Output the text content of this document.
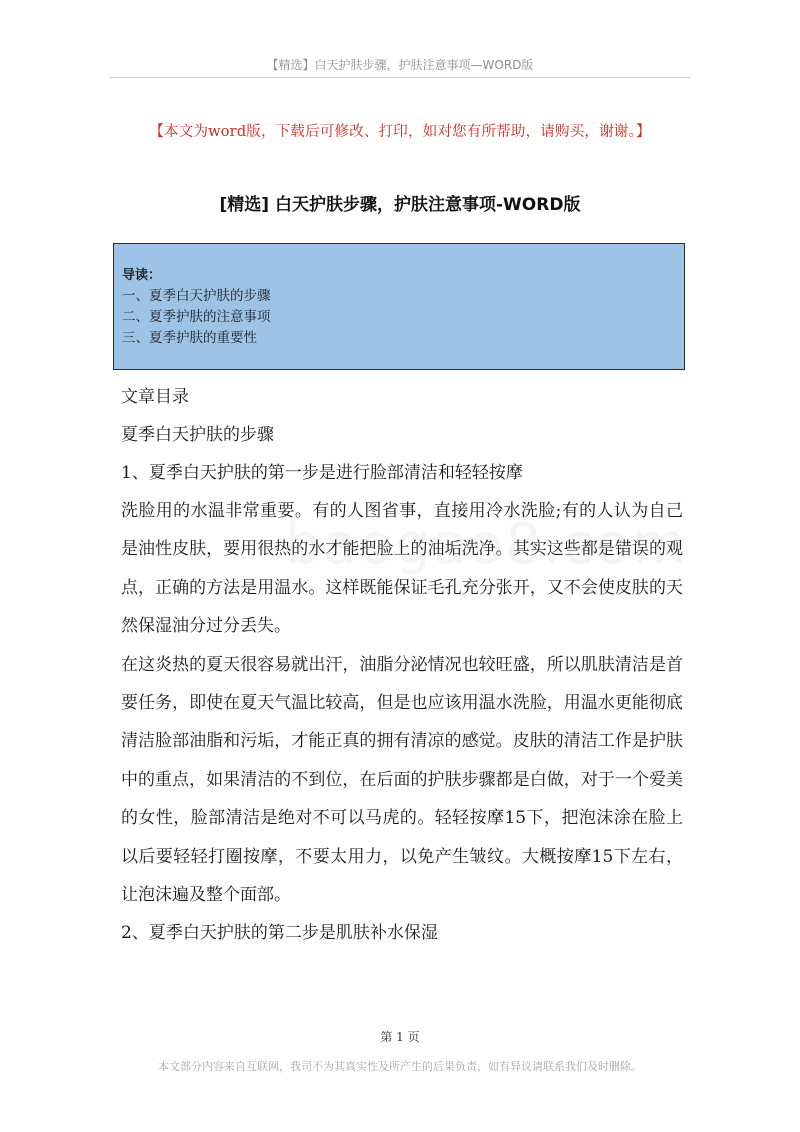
【精选】白天护肤步骤，护肤注意事项—WORD版
【本文为word版，下载后可修改、打印，如对您有所帮助，请购买，谢谢。】
[精选] 白天护肤步骤，护肤注意事项-WORD版
导读：
一、夏季白天护肤的步骤
二、夏季护肤的注意事项
三、夏季护肤的重要性
文章目录
夏季白天护肤的步骤
1、夏季白天护肤的第一步是进行脸部清洁和轻轻按摩

洗脸用的水温非常重要。有的人图省事，直接用冷水洗脸;有的人认为自己是油性皮肤，要用很热的水才能把脸上的油垢洗净。其实这些都是错误的观点，正确的方法是用温水。这样既能保证毛孔充分张开，又不会使皮肤的天然保湿油分过分丢失。

在这炎热的夏天很容易就出汗，油脂分泌情况也较旺盛，所以肌肤清洁是首要任务，即使在夏天气温比较高，但是也应该用温水洗脸，用温水更能彻底清洁脸部油脂和污垢，才能正真的拥有清凉的感觉。皮肤的清洁工作是护肤中的重点，如果清洁的不到位，在后面的护肤步骤都是白做，对于一个爱美的女性，脸部清洁是绝对不可以马虎的。轻轻按摩15下，把泡沫涂在脸上以后要轻轻打圈按摩，不要太用力，以免产生皱纹。大概按摩15下左右，让泡沫遍及整个面部。

2、夏季白天护肤的第二步是肌肤补水保湿
第 1 页
本文部分内容来自互联网，我司不为其真实性及所产生的后果负责，如有异议请联系我们及时删除。
